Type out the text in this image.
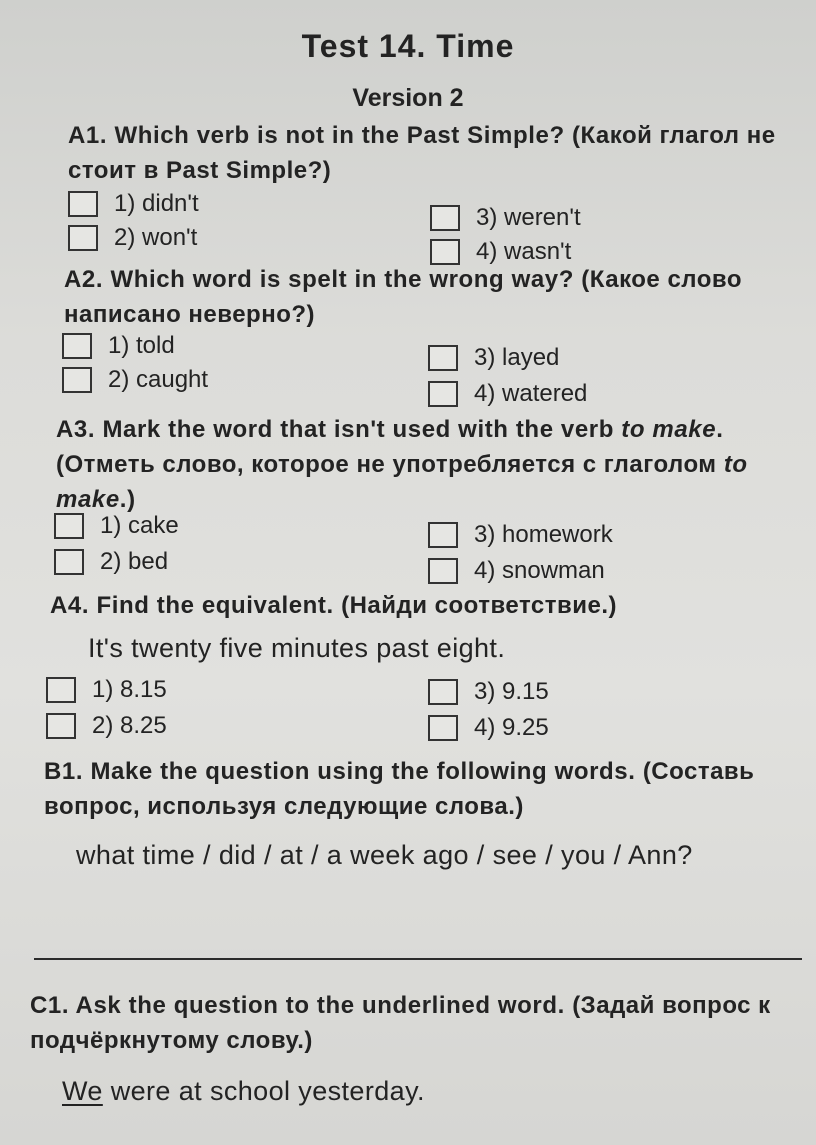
Test 14. Time
Version 2
A1. Which verb is not in the Past Simple? (Какой глагол не стоит в Past Simple?)
1) didn't
2) won't
3) weren't
4) wasn't
A2. Which word is spelt in the wrong way? (Какое слово написано неверно?)
1) told
2) caught
3) layed
4) watered
A3. Mark the word that isn't used with the verb to make. (Отметь слово, которое не употребляется с глаголом to make.)
1) cake
2) bed
3) homework
4) snowman
A4. Find the equivalent. (Найди соответствие.)
It's twenty five minutes past eight.
1) 8.15
2) 8.25
3) 9.15
4) 9.25
B1. Make the question using the following words. (Составь вопрос, используя следующие слова.)
what time / did / at / a week ago / see / you / Ann?
C1. Ask the question to the underlined word. (Задай вопрос к подчёркнутому слову.)
We were at school yesterday.
